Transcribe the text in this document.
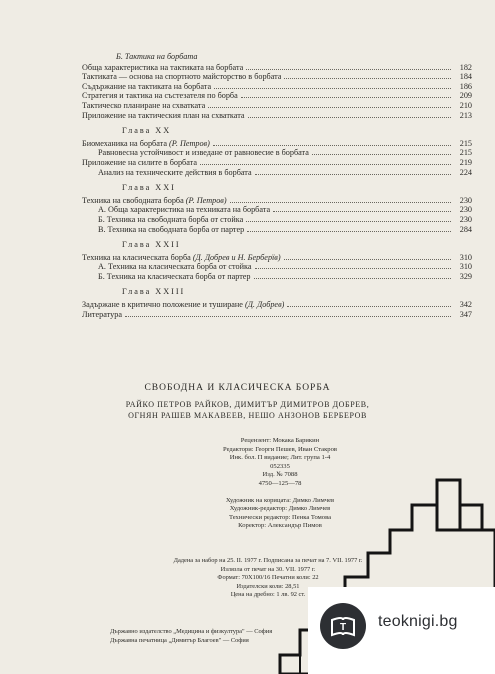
Б. Тактика на борбата
Обща характеристика на тактиката на борбата	182
Тактиката — основа на спортното майсторство в борбата	184
Съдържание на тактиката на борбата	186
Стратегия и тактика на състезателя по борба	209
Тактическо планиране на схватката	210
Приложение на тактическия план на схватката	213
Глава XX
Биомеханика на борбата (Р. Петров)	215
Равновесна устойчивост и изведане от равновесие в борбата	215
Приложение на силите в борбата	219
Анализ на техническите действия в борбата	224
Глава XXI
Техника на свободната борба (Р. Петров)	230
А. Обща характеристика на техниката на борбата	230
Б. Техника на свободната борба от стойка	230
В. Техника на свободната борба от партер	284
Глава XXII
Техника на класическата борба (Д. Добрев и Н. Берберїв)	310
А. Техника на класическата борба от стойка	310
Б. Техника на класическата борба от партер	329
Глава XXIII
Задържане в критично положение и туширане (Д. Добрев)	342
Литература	347
СВОБОДНА И КЛАСИЧЕСКА БОРБА
РАЙКО ПЕТРОВ РАЙКОВ, ДИМИТЪР ДИМИТРОВ ДОБРЕВ,
ОГНЯН РАШЕВ МАКАВЕЕВ, НЕШО АНЗОНОВ БЕРБЕРОВ
Рецензент: Мокака Барикин
Редактори: Георги Пешев, Иван Стакров
Инк. бол. П видание; Лит. група 1-4
052335
Изд. № 7088
4750—125—78
Художник на корицата: Димко Лимчев
Художник-редактор: Димко Лимчев
Технически редактор: Пенка Томова
Коректор: Александър Пимов
Дадена за набор на 25. II. 1977 г. Подписана за печат на 7. VII. 1977 г.
Излязла от печат на 30. VII. 1977 г.
Формат: 70X100/16 Печатни коли: 22
Издателски коли: 28,51
Цена на дребно: 1 лв. 92 ст.
Държавно издателство „Медицина и физкултура" — София
Държавна печатница „Димитър Благоев" — София
T teoknigi.bg
